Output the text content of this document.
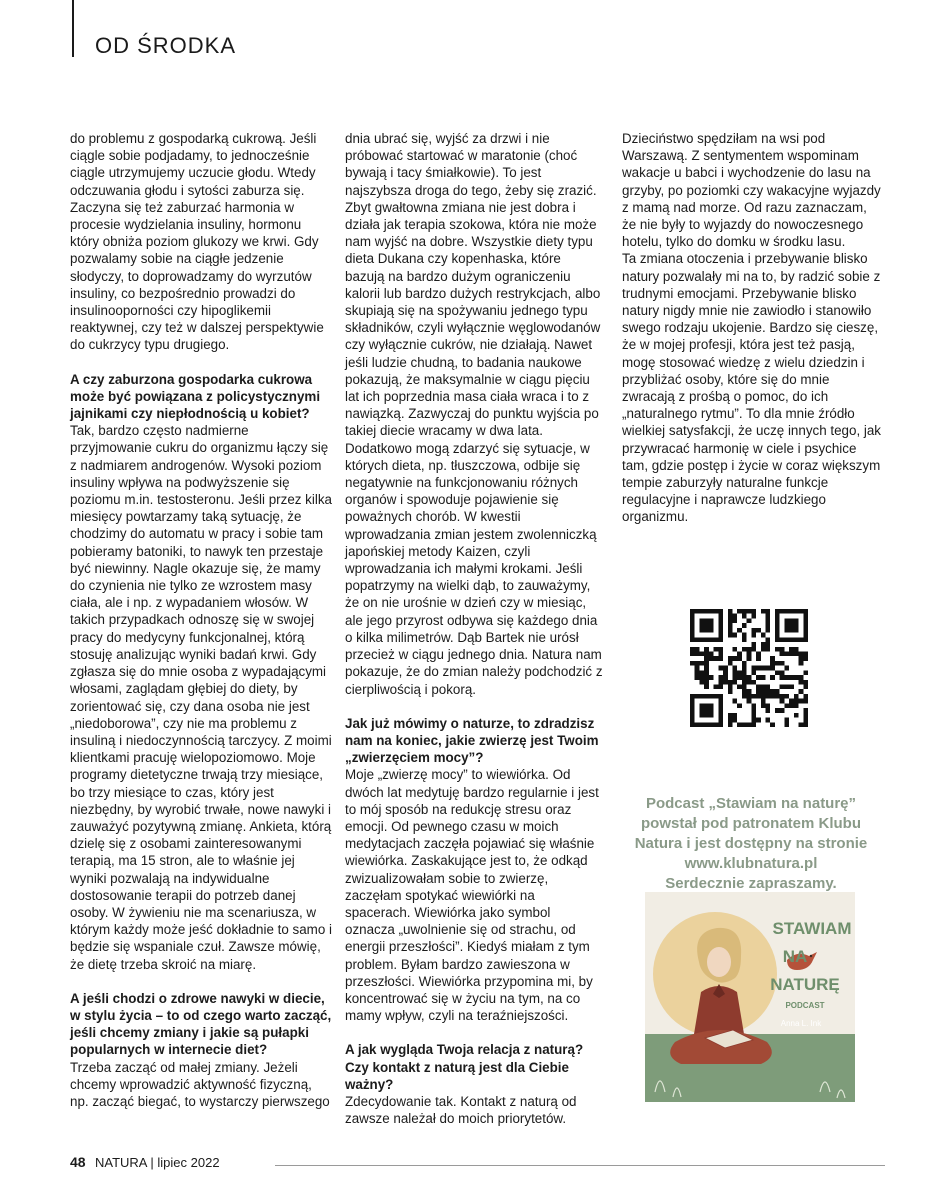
OD ŚRODKA

do problemu z gospodarką cukrową. Jeśli ciągle sobie podjadamy, to jednocześnie ciągle utrzymujemy uczucie głodu. Wtedy odczuwania głodu i sytości zaburza się. Zaczyna się też zaburzać harmonia w procesie wydzielania insuliny, hormonu który obniża poziom glukozy we krwi. Gdy pozwalamy sobie na ciągłe jedzenie słodyczy, to doprowadzamy do wyrzutów insuliny, co bezpośrednio prowadzi do insulinooporności czy hipoglikemii reaktywnej, czy też w dalszej perspektywie do cukrzycy typu drugiego.

A czy zaburzona gospodarka cukrowa może być powiązana z policystycznymi jajnikami czy niepłodnością u kobiet?

Tak, bardzo często nadmierne przyjmowanie cukru do organizmu łączy się z nadmiarem androgenów. Wysoki poziom insuliny wpływa na podwyższenie się poziomu m.in. testosteronu. Jeśli przez kilka miesięcy powtarzamy taką sytuację, że chodzimy do automatu w pracy i sobie tam pobieramy batoniki, to nawyk ten przestaje być niewinny. Nagle okazuje się, że mamy do czynienia nie tylko ze wzrostem masy ciała, ale i np. z wypadaniem włosów. W takich przypadkach odnoszę się w swojej pracy do medycyny funkcjonalnej, którą stosuję analizując wyniki badań krwi. Gdy zgłasza się do mnie osoba z wypadającymi włosami, zaglądam głębiej do diety, by zorientować się, czy dana osoba nie jest „niedoborowa”, czy nie ma problemu z insuliną i niedoczynnością tarczycy. Z moimi klientkami pracuję wielopoziomowo. Moje programy dietetyczne trwają trzy miesiące, bo trzy miesiące to czas, który jest niezbędny, by wyrobić trwałe, nowe nawyki i zauważyć pozytywną zmianę. Ankieta, którą dzielę się z osobami zainteresowanymi terapią, ma 15 stron, ale to właśnie jej wyniki pozwalają na indywidualne dostosowanie terapii do potrzeb danej osoby. W żywieniu nie ma scenariusza, w którym każdy może jeść dokładnie to samo i będzie się wspaniale czuł. Zawsze mówię, że dietę trzeba skroić na miarę.

A jeśli chodzi o zdrowe nawyki w diecie, w stylu życia – to od czego warto zacząć, jeśli chcemy zmiany i jakie są pułapki popularnych w internecie diet?

Trzeba zacząć od małej zmiany. Jeżeli chcemy wprowadzić aktywność fizyczną, np. zacząć biegać, to wystarczy pierwszego

dnia ubrać się, wyjść za drzwi i nie próbować startować w maratonie (choć bywają i tacy śmiałkowie). To jest najszybsza droga do tego, żeby się zrazić. Zbyt gwałtowna zmiana nie jest dobra i działa jak terapia szokowa, która nie może nam wyjść na dobre. Wszystkie diety typu dieta Dukana czy kopenhaska, które bazują na bardzo dużym ograniczeniu kalorii lub bardzo dużych restrykcjach, albo skupiają się na spożywaniu jednego typu składników, czyli wyłącznie węglowodanów czy wyłącznie cukrów, nie działają. Nawet jeśli ludzie chudną, to badania naukowe pokazują, że maksymalnie w ciągu pięciu lat ich poprzednia masa ciała wraca i to z nawiązką. Zazwyczaj do punktu wyjścia po takiej diecie wracamy w dwa lata. Dodatkowo mogą zdarzyć się sytuacje, w których dieta, np. tłuszczowa, odbije się negatywnie na funkcjonowaniu różnych organów i spowoduje pojawienie się poważnych chorób. W kwestii wprowadzania zmian jestem zwolenniczką japońskiej metody Kaizen, czyli wprowadzania ich małymi krokami. Jeśli popatrzymy na wielki dąb, to zauważymy, że on nie urośnie w dzień czy w miesiąc, ale jego przyrost odbywa się każdego dnia o kilka milimetrów. Dąb Bartek nie urósł przecież w ciągu jednego dnia. Natura nam pokazuje, że do zmian należy podchodzić z cierpliwością i pokorą.

Jak już mówimy o naturze, to zdradzisz nam na koniec, jakie zwierzę jest Twoim „zwierzęciem mocy”?

Moje „zwierzę mocy” to wiewiórka. Od dwóch lat medytuję bardzo regularnie i jest to mój sposób na redukcję stresu oraz emocji. Od pewnego czasu w moich medytacjach zaczęła pojawiać się właśnie wiewiórka. Zaskakujące jest to, że odkąd zwizualizowałam sobie to zwierzę, zaczęłam spotykać wiewiórki na spacerach. Wiewiórka jako symbol oznacza „uwolnienie się od strachu, od energii przeszłości”. Kiedyś miałam z tym problem. Byłam bardzo zawieszona w przeszłości. Wiewiórka przypomina mi, by koncentrować się w życiu na tym, na co mamy wpływ, czyli na teraźniejszości.

A jak wygląda Twoja relacja z naturą? Czy kontakt z naturą jest dla Ciebie ważny?

Zdecydowanie tak. Kontakt z naturą od zawsze należał do moich priorytetów.

Dzieciństwo spędziłam na wsi pod Warszawą. Z sentymentem wspominam wakacje u babci i wychodzenie do lasu na grzyby, po poziomki czy wakacyjne wyjazdy z mamą nad morze. Od razu zaznaczam, że nie były to wyjazdy do nowoczesnego hotelu, tylko do domku w środku lasu.

Ta zmiana otoczenia i przebywanie blisko natury pozwalały mi na to, by radzić sobie z trudnymi emocjami. Przebywanie blisko natury nigdy mnie nie zawiodło i stanowiło swego rodzaju ukojenie. Bardzo się cieszę, że w mojej profesji, która jest też pasją, mogę stosować wiedzę z wielu dziedzin i przybliżać osoby, które się do mnie zwracają z prośbą o pomoc, do ich „naturalnego rytmu”. To dla mnie źródło wielkiej satysfakcji, że uczę innych tego, jak przywracać harmonię w ciele i psychice tam, gdzie postęp i życie w coraz większym tempie zaburzyły naturalne funkcje regulacyjne i naprawcze ludzkiego organizmu.

Podcast „Stawiam na naturę”
powstał pod patronatem Klubu
Natura i jest dostępny na stronie
www.klubnatura.pl
Serdecznie zapraszamy.
STAWIAM
NA
NATURĘ
PODCAST
Anna L. Ink
48 NATURA | lipiec 2022
